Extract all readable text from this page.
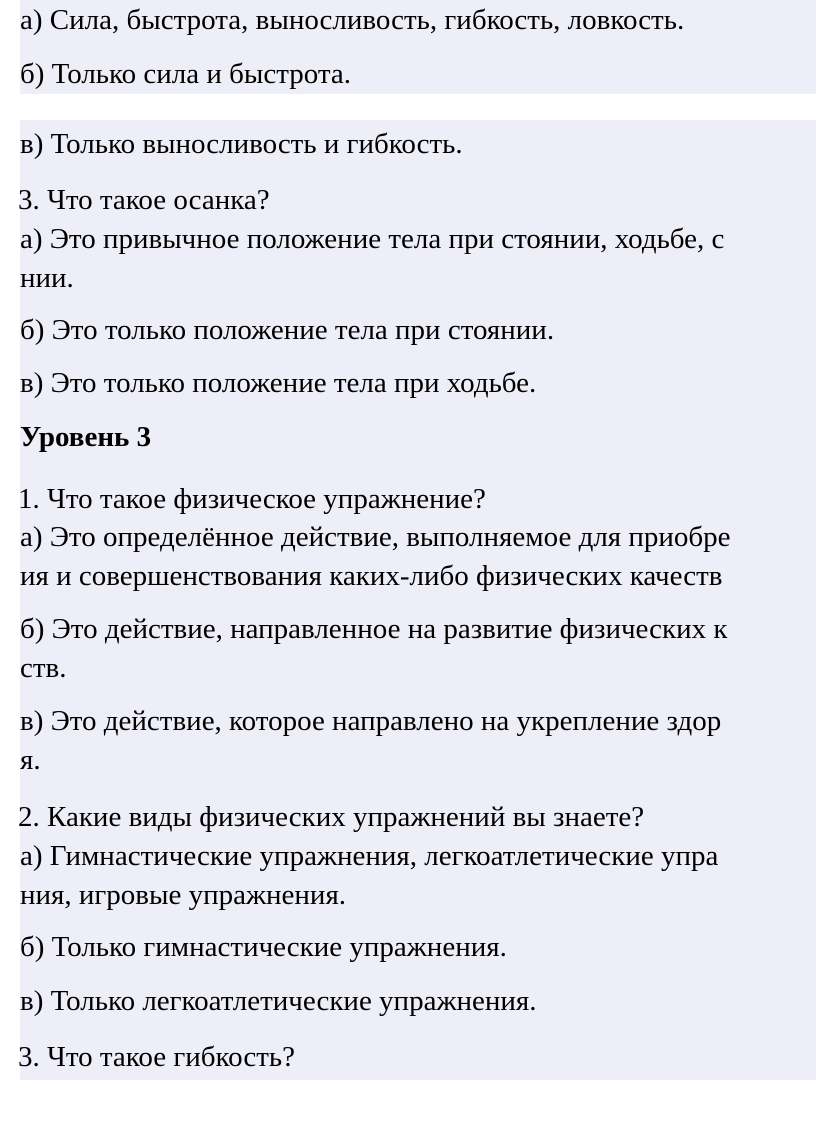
а) Сила, быстрота, выносливость, гибкость, ловкость.
б) Только сила и быстрота.
в) Только выносливость и гибкость.
3. Что такое осанка?
а) Это привычное положение тела при стоянии, ходьбе, с
нии.
б) Это только положение тела при стоянии.
в) Это только положение тела при ходьбе.
Уровень 3
1. Что такое физическое упражнение?
а) Это определённое действие, выполняемое для приобре
ия и совершенствования каких-либо физических качеств
б) Это действие, направленное на развитие физических к
ств.
в) Это действие, которое направлено на укрепление здор
я.
2. Какие виды физических упражнений вы знаете?
а) Гимнастические упражнения, легкоатлетические упра
ния, игровые упражнения.
б) Только гимнастические упражнения.
в) Только легкоатлетические упражнения.
3. Что такое гибкость?
